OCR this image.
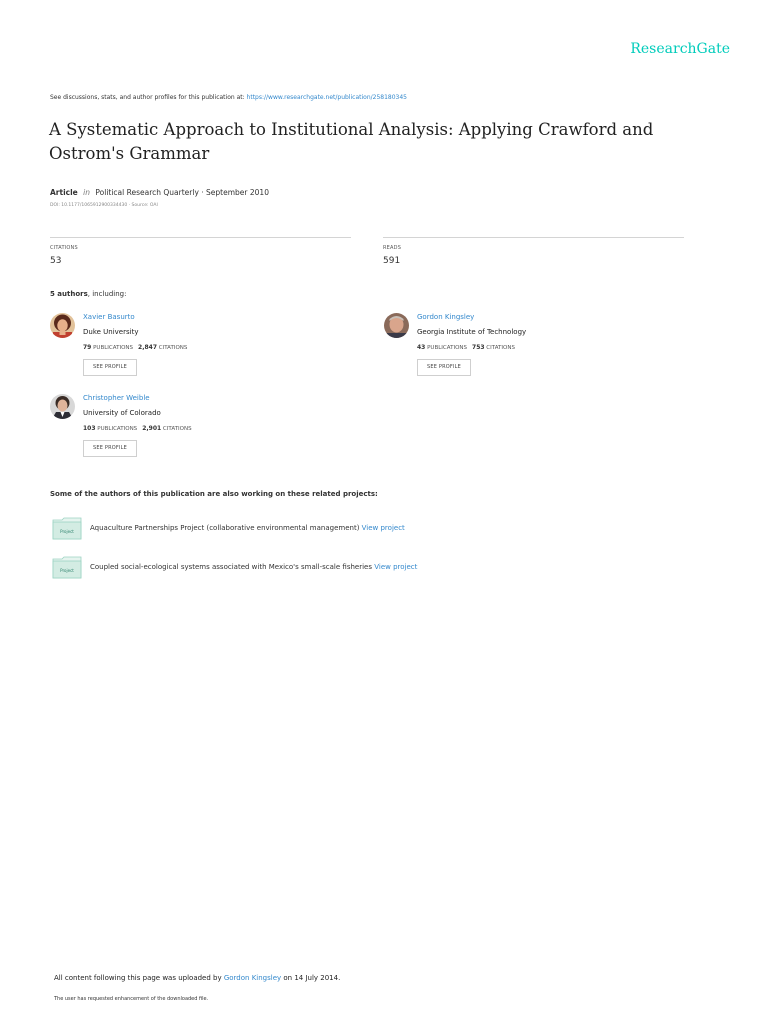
ResearchGate
See discussions, stats, and author profiles for this publication at: https://www.researchgate.net/publication/258180345
A Systematic Approach to Institutional Analysis: Applying Crawford and Ostrom's Grammar
Article in Political Research Quarterly · September 2010
DOI: 10.1177/1065912900334430 · Source: OAI
CITATIONS
53
READS
591
5 authors, including:
Xavier Basurto
Duke University
79 PUBLICATIONS 2,847 CITATIONS
SEE PROFILE
Gordon Kingsley
Georgia Institute of Technology
43 PUBLICATIONS 753 CITATIONS
SEE PROFILE
Christopher Weible
University of Colorado
103 PUBLICATIONS 2,901 CITATIONS
SEE PROFILE
Some of the authors of this publication are also working on these related projects:
Project Aquaculture Partnerships Project (collaborative environmental management) View project
Project Coupled social-ecological systems associated with Mexico's small-scale fisheries View project
All content following this page was uploaded by Gordon Kingsley on 14 July 2014.
The user has requested enhancement of the downloaded file.
